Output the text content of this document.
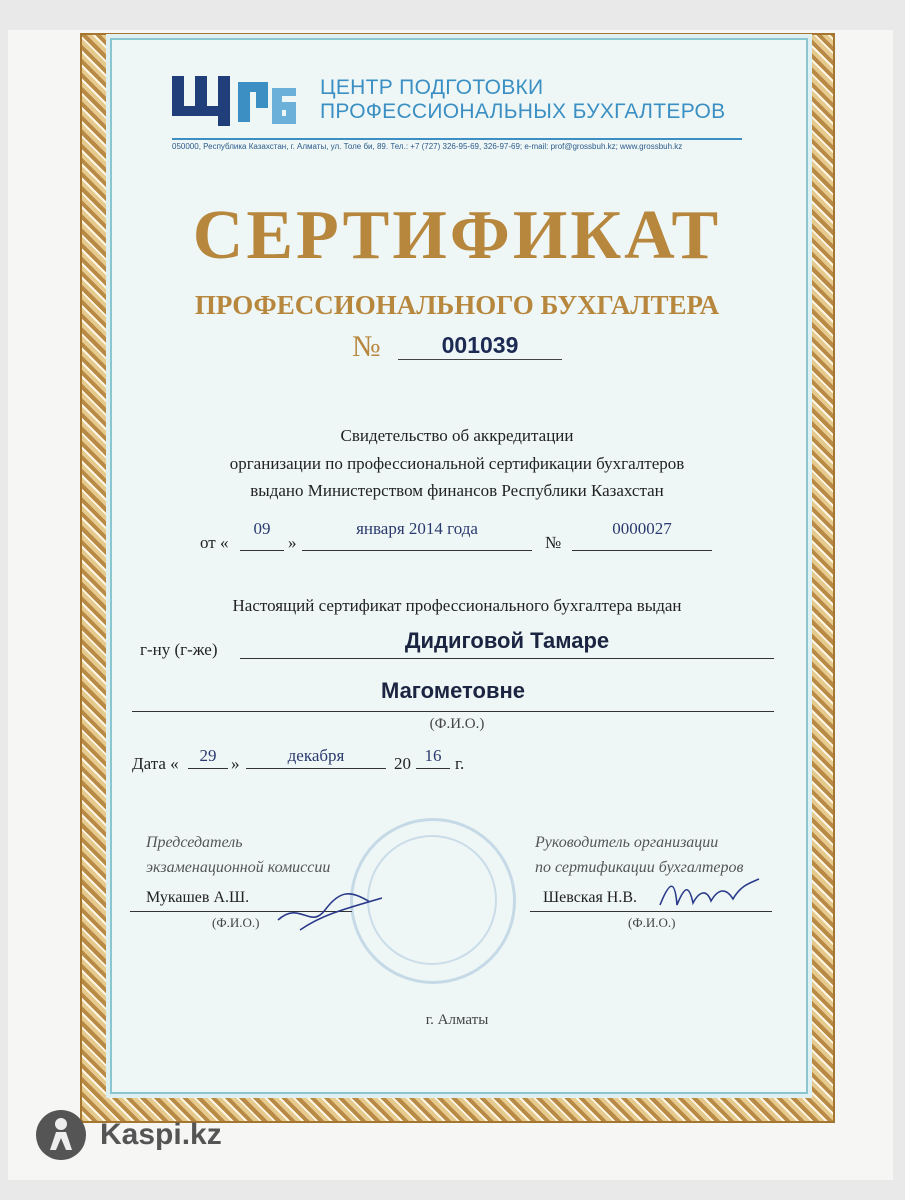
ЦЕНТР ПОДГОТОВКИ
ПРОФЕССИОНАЛЬНЫХ БУХГАЛТЕРОВ
050000, Республика Казахстан, г. Алматы, ул. Толе би, 89. Тел.: +7 (727) 326-95-69, 326-97-69; e-mail: prof@grossbuh.kz; www.grossbuh.kz
СЕРТИФИКАТ
ПРОФЕССИОНАЛЬНОГО БУХГАЛТЕРА
№	001039
Свидетельство об аккредитации
организации по профессиональной сертификации бухгалтеров
выдано Министерством финансов Республики Казахстан
от «
09
»
января 2014 года
№
0000027
Настоящий сертификат профессионального бухгалтера выдан
г-ну (г-же)	Дидиговой Тамаре
Магометовне
(Ф.И.О.)
Дата «	29 »	декабря	20 16 г.
Председатель
экзаменационной комиссии
Мукашев А.Ш.
(Ф.И.О.)
Руководитель организации
по сертификации бухгалтеров
Шевская Н.В.
(Ф.И.О.)
г. Алматы
Kaspi.kz
